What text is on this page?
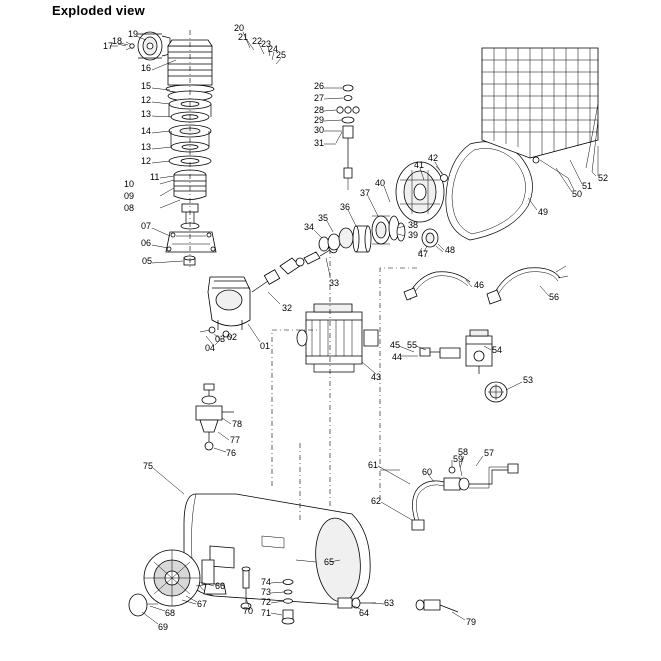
Exploded view
19
18
17
20
21 22
23
24
25
16
15
12
13
14
13
12
11
10
09
08
07
06
05
26
27
28
29
30
31
41
42
40
37
36
35
34	38
39
47 48
46
56
49
50
51
52
33
32
03 02
04	01	45 55
44
43
54
53
78
77
76
75	61
60
59
57
58
62
66
67
68
69
70
74
73
72
71
65
64
63
79
